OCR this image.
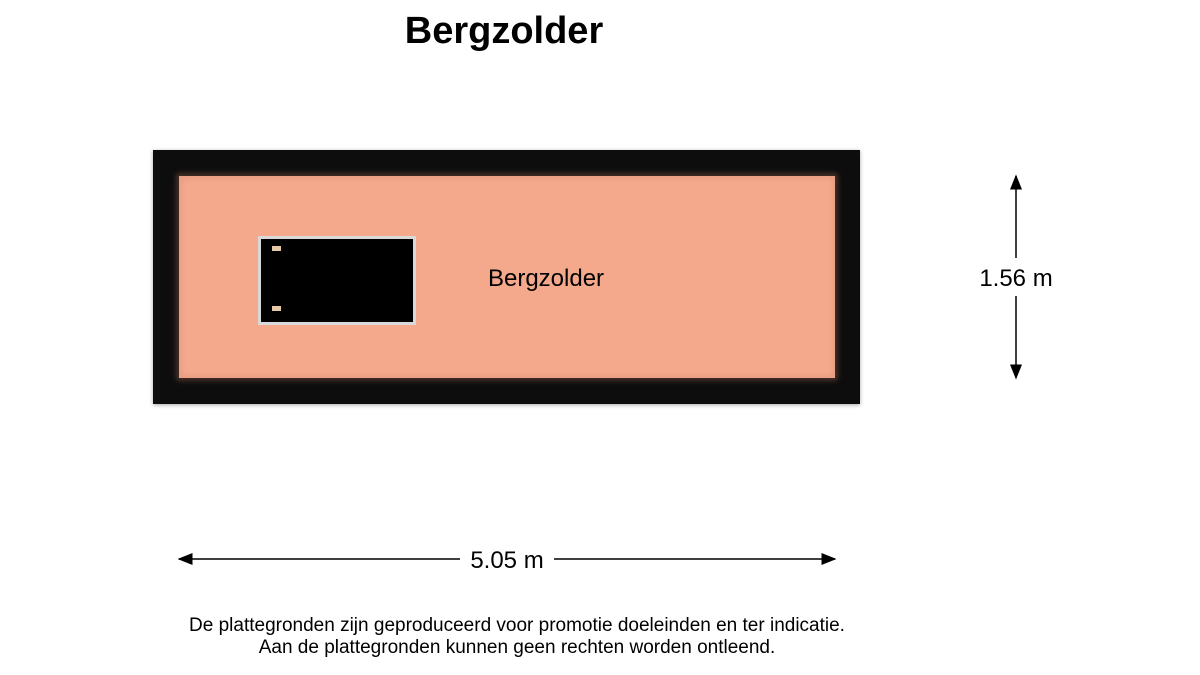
Bergzolder
Bergzolder	1.56 m
5.05 m
De plattegronden zijn geproduceerd voor promotie doeleinden en ter indicatie.
Aan de plattegronden kunnen geen rechten worden ontleend.
